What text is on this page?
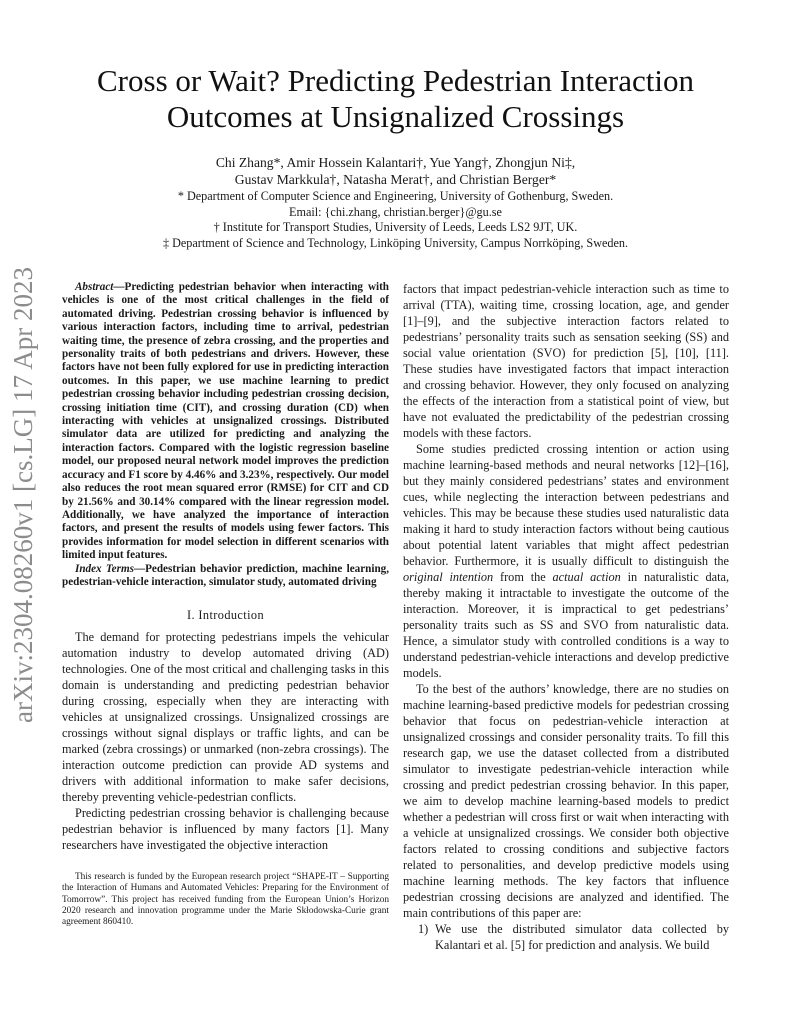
Cross or Wait? Predicting Pedestrian Interaction
Outcomes at Unsignalized Crossings
Chi Zhang*, Amir Hossein Kalantari†, Yue Yang†, Zhongjun Ni‡,
Gustav Markkula†, Natasha Merat†, and Christian Berger*
* Department of Computer Science and Engineering, University of Gothenburg, Sweden.
Email: {chi.zhang, christian.berger}@gu.se
† Institute for Transport Studies, University of Leeds, Leeds LS2 9JT, UK.
‡ Department of Science and Technology, Linköping University, Campus Norrköping, Sweden.
arXiv:2304.08260v1 [cs.LG] 17 Apr 2023	Abstract—Predicting pedestrian behavior when interacting with vehicles is one of the most critical challenges in the field of automated driving. Pedestrian crossing behavior is influenced by various interaction factors, including time to arrival, pedestrian waiting time, the presence of zebra crossing, and the properties and personality traits of both pedestrians and drivers. However, these factors have not been fully explored for use in predicting interaction outcomes. In this paper, we use machine learning to predict pedestrian crossing behavior including pedestrian crossing decision, crossing initiation time (CIT), and crossing duration (CD) when interacting with vehicles at unsignalized crossings. Distributed simulator data are utilized for predicting and analyzing the interaction factors. Compared with the logistic regression baseline model, our proposed neural network model improves the prediction accuracy and F1 score by 4.46% and 3.23%, respectively. Our model also reduces the root mean squared error (RMSE) for CIT and CD by 21.56% and 30.14% compared with the linear regression model. Additionally, we have analyzed the importance of interaction factors, and present the results of models using fewer factors. This provides information for model selection in different scenarios with limited input features.

Index Terms—Pedestrian behavior prediction, machine learning, pedestrian-vehicle interaction, simulator study, automated driving

I. Introduction

The demand for protecting pedestrians impels the vehicular automation industry to develop automated driving (AD) technologies. One of the most critical and challenging tasks in this domain is understanding and predicting pedestrian behavior during crossing, especially when they are interacting with vehicles at unsignalized crossings. Unsignalized crossings are crossings without signal displays or traffic lights, and can be marked (zebra crossings) or unmarked (non-zebra crossings). The interaction outcome prediction can provide AD systems and drivers with additional information to make safer decisions, thereby preventing vehicle-pedestrian conflicts.

Predicting pedestrian crossing behavior is challenging because pedestrian behavior is influenced by many factors [1]. Many researchers have investigated the objective interaction

This research is funded by the European research project “SHAPE-IT – Supporting the Interaction of Humans and Automated Vehicles: Preparing for the Environment of Tomorrow”. This project has received funding from the European Union’s Horizon 2020 research and innovation programme under the Marie Skłodowska-Curie grant agreement 860410.

factors that impact pedestrian-vehicle interaction such as time to arrival (TTA), waiting time, crossing location, age, and gender [1]–[9], and the subjective interaction factors related to pedestrians’ personality traits such as sensation seeking (SS) and social value orientation (SVO) for prediction [5], [10], [11]. These studies have investigated factors that impact interaction and crossing behavior. However, they only focused on analyzing the effects of the interaction from a statistical point of view, but have not evaluated the predictability of the pedestrian crossing models with these factors.

Some studies predicted crossing intention or action using machine learning-based methods and neural networks [12]–[16], but they mainly considered pedestrians’ states and environment cues, while neglecting the interaction between pedestrians and vehicles. This may be because these studies used naturalistic data making it hard to study interaction factors without being cautious about potential latent variables that might affect pedestrian behavior. Furthermore, it is usually difficult to distinguish the original intention from the actual action in naturalistic data, thereby making it intractable to investigate the outcome of the interaction. Moreover, it is impractical to get pedestrians’ personality traits such as SS and SVO from naturalistic data. Hence, a simulator study with controlled conditions is a way to understand pedestrian-vehicle interactions and develop predictive models.

To the best of the authors’ knowledge, there are no studies on machine learning-based predictive models for pedestrian crossing behavior that focus on pedestrian-vehicle interaction at unsignalized crossings and consider personality traits. To fill this research gap, we use the dataset collected from a distributed simulator to investigate pedestrian-vehicle interaction while crossing and predict pedestrian crossing behavior. In this paper, we aim to develop machine learning-based models to predict whether a pedestrian will cross first or wait when interacting with a vehicle at unsignalized crossings. We consider both objective factors related to crossing conditions and subjective factors related to personalities, and develop predictive models using machine learning methods. The key factors that influence pedestrian crossing decisions are analyzed and identified. The main contributions of this paper are:

1) We use the distributed simulator data collected by Kalantari et al. [5] for prediction and analysis. We build
